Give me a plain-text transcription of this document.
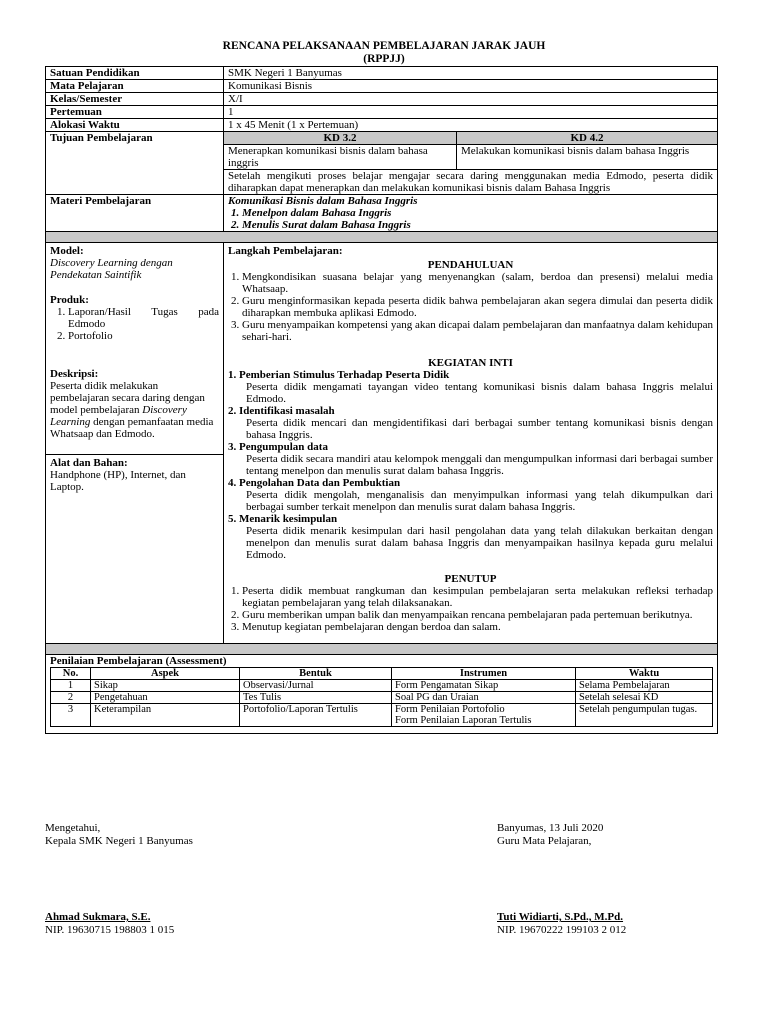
RENCANA PELAKSANAAN PEMBELAJARAN JARAK JAUH
(RPPJJ)
Satuan Pendidikan	SMK Negeri 1 Banyumas
Mata Pelajaran	Komunikasi Bisnis
Kelas/Semester	X/I
Pertemuan	1
Alokasi Waktu	1 x 45 Menit (1 x Pertemuan)
Tujuan Pembelajaran	KD 3.2	KD 4.2
Menerapkan komunikasi bisnis dalam bahasa inggris	Melakukan komunikasi bisnis dalam bahasa Inggris
Setelah mengikuti proses belajar mengajar secara daring menggunakan media Edmodo, peserta didik diharapkan dapat menerapkan dan melakukan komunikasi bisnis dalam Bahasa Inggris
Materi Pembelajaran	Komunikasi Bisnis dalam Bahasa Inggris
1. Menelpon dalam Bahasa Inggris
2. Menulis Surat dalam Bahasa Inggris

Model:
Discovery Learning dengan Pendekatan Saintifik
Produk:
1. Laporan/Hasil Tugas pada Edmodo
2. Portofolio
Deskripsi:
Peserta didik melakukan pembelajaran secara daring dengan model pembelajaran Discovery Learning dengan pemanfaatan media Whatsaap dan Edmodo.
Alat dan Bahan:
Handphone (HP), Internet, dan Laptop.

Langkah Pembelajaran:
PENDAHULUAN
1. Mengkondisikan suasana belajar yang menyenangkan (salam, berdoa dan presensi) melalui media Whatsaap.
2. Guru menginformasikan kepada peserta didik bahwa pembelajaran akan segera dimulai dan peserta didik diharapkan membuka aplikasi Edmodo.
3. Guru menyampaikan kompetensi yang akan dicapai dalam pembelajaran dan manfaatnya dalam kehidupan sehari-hari.
KEGIATAN INTI
1. Pemberian Stimulus Terhadap Peserta Didik
Peserta didik mengamati tayangan video tentang komunikasi bisnis dalam bahasa Inggris melalui Edmodo.
2. Identifikasi masalah
Peserta didik mencari dan mengidentifikasi dari berbagai sumber tentang komunikasi bisnis dengan bahasa Inggris.
3. Pengumpulan data
Peserta didik secara mandiri atau kelompok menggali dan mengumpulkan informasi dari berbagai sumber tentang menelpon dan menulis surat dalam bahasa Inggris.
4. Pengolahan Data dan Pembuktian
Peserta didik mengolah, menganalisis dan menyimpulkan informasi yang telah dikumpulkan dari berbagai sumber terkait menelpon dan menulis surat dalam bahasa Inggris.
5. Menarik kesimpulan
Peserta didik menarik kesimpulan dari hasil pengolahan data yang telah dilakukan berkaitan dengan menelpon dan menulis surat dalam bahasa Inggris dan menyampaikan hasilnya kepada guru melalui Edmodo.
PENUTUP
1. Peserta didik membuat rangkuman dan kesimpulan pembelajaran serta melakukan refleksi terhadap kegiatan pembelajaran yang telah dilaksanakan.
2. Guru memberikan umpan balik dan menyampaikan rencana pembelajaran pada pertemuan berikutnya.
3. Menutup kegiatan pembelajaran dengan berdoa dan salam.

Penilaian Pembelajaran (Assessment)
No.	Aspek	Bentuk	Instrumen	Waktu
1	Sikap	Observasi/Jurnal	Form Pengamatan Sikap	Selama Pembelajaran
2	Pengetahuan	Tes Tulis	Soal PG dan Uraian	Setelah selesai KD
3	Keterampilan	Portofolio/Laporan Tertulis	Form Penilaian Portofolio
Form Penilaian Laporan Tertulis	Setelah pengumpulan tugas.
Mengetahui,
Kepala SMK Negeri 1 Banyumas
Ahmad Sukmara, S.E.
NIP. 19630715 198803 1 015
Banyumas, 13 Juli 2020
Guru Mata Pelajaran,
Tuti Widiarti, S.Pd., M.Pd.
NIP. 19670222 199103 2 012
